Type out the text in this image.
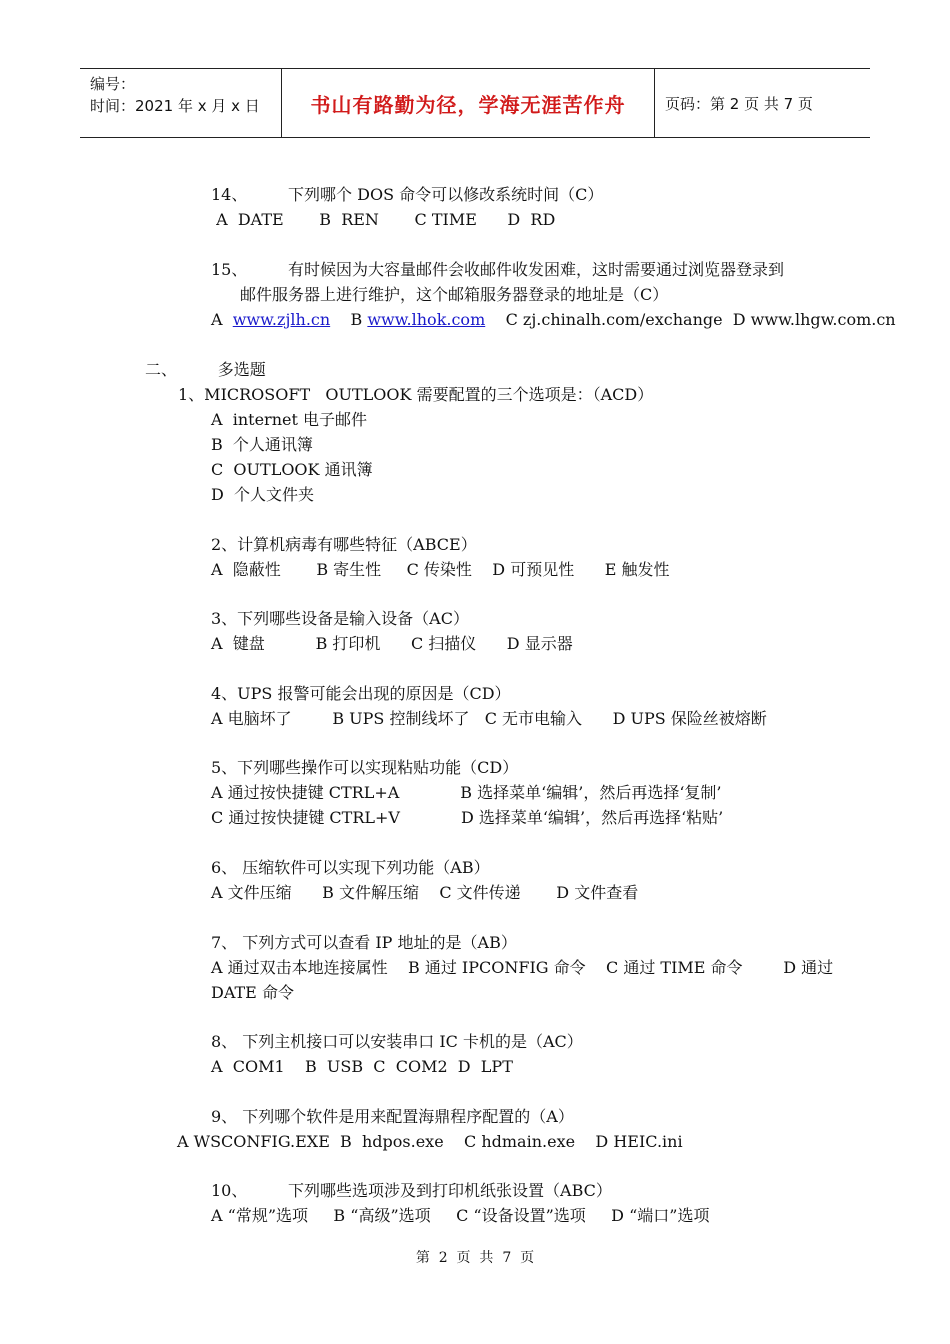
编号：
时间：2021 年 x 月 x 日	书山有路勤为径，学海无涯苦作舟	页码：第 2 页 共 7 页
14、        下列哪个 DOS 命令可以修改系统时间（C）
A  DATE       B  REN       C TIME      D  RD
15、        有时候因为大容量邮件会收邮件收发困难，这时需要通过浏览器登录到
邮件服务器上进行维护，这个邮箱服务器登录的地址是（C）
A  www.zjlh.cn    B www.lhok.com    C zj.chinalh.com/exchange  D www.lhgw.com.cn
二、        多选题
1、MICROSOFT   OUTLOOK 需要配置的三个选项是：（ACD）
A  internet 电子邮件
B  个人通讯簿
C  OUTLOOK 通讯簿
D  个人文件夹
2、计算机病毒有哪些特征（ABCE）
A  隐蔽性       B 寄生性     C 传染性    D 可预见性      E 触发性
3、下列哪些设备是输入设备（AC）
A  键盘          B 打印机      C 扫描仪      D 显示器
4、UPS 报警可能会出现的原因是（CD）
A 电脑坏了        B UPS 控制线坏了   C 无市电输入      D UPS 保险丝被熔断
5、下列哪些操作可以实现粘贴功能（CD）
A 通过按快捷键 CTRL+A            B 选择菜单‘编辑’，然后再选择‘复制’
C 通过按快捷键 CTRL+V            D 选择菜单‘编辑’，然后再选择‘粘贴’
6、 压缩软件可以实现下列功能（AB）
A 文件压缩      B 文件解压缩    C 文件传递       D 文件查看
7、 下列方式可以查看 IP 地址的是（AB）
A 通过双击本地连接属性    B 通过 IPCONFIG 命令    C 通过 TIME 命令        D 通过
DATE 命令
8、 下列主机接口可以安装串口 IC 卡机的是（AC）
A  COM1    B  USB  C  COM2  D  LPT
9、 下列哪个软件是用来配置海鼎程序配置的（A）
A WSCONFIG.EXE  B  hdpos.exe    C hdmain.exe    D HEIC.ini
10、        下列哪些选项涉及到打印机纸张设置（ABC）
A “常规”选项     B “高级”选项     C “设备设置”选项     D “端口”选项
第  2  页  共  7  页
